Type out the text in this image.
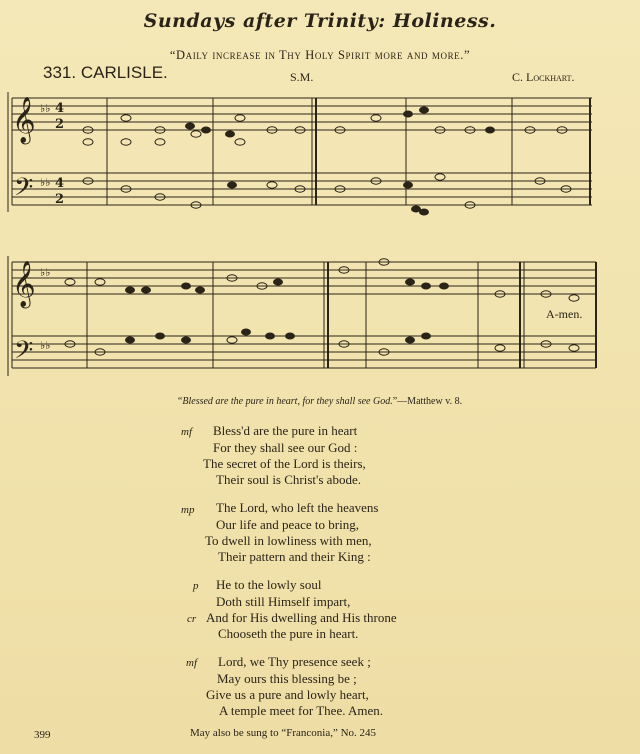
Sundays after Trinity: Holiness.
“Daily increase in Thy Holy Spirit more and more.”
331. CARLISLE.	S.M.	C. Lockhart.
𝄞
𝄢
𝄞
𝄢
♭♭
♭♭
♭♭
♭♭
4
2
4
2
A-men.
“Blessed are the pure in heart, for they shall see God.”—Matthew v. 8.
mf Bless'd are the pure in heart
For they shall see our God :
The secret of the Lord is theirs,
Their soul is Christ's abode.
mp The Lord, who left the heavens
Our life and peace to bring,
To dwell in lowliness with men,
Their pattern and their King :
p He to the lowly soul
Doth still Himself impart,
cr And for His dwelling and His throne
Chooseth the pure in heart.
mf Lord, we Thy presence seek ;
May ours this blessing be ;
Give us a pure and lowly heart,
A temple meet for Thee. Amen.
399	May also be sung to “Franconia,” No. 245
